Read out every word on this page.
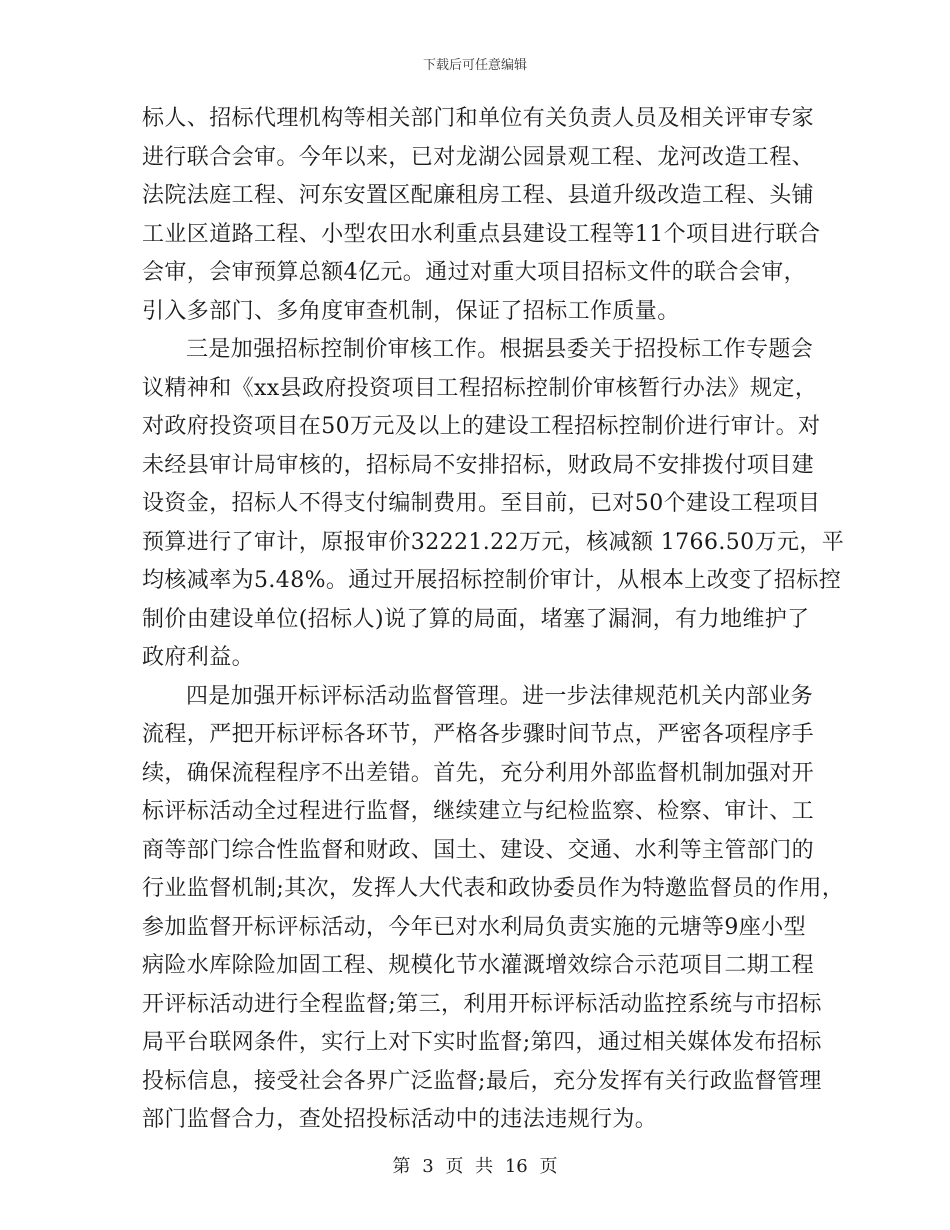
下载后可任意编辑
标人、招标代理机构等相关部门和单位有关负责人员及相关评审专家
进行联合会审。今年以来，已对龙湖公园景观工程、龙河改造工程、
法院法庭工程、河东安置区配廉租房工程、县道升级改造工程、头铺
工业区道路工程、小型农田水利重点县建设工程等11个项目进行联合
会审，会审预算总额4亿元。通过对重大项目招标文件的联合会审，
引入多部门、多角度审查机制，保证了招标工作质量。
三是加强招标控制价审核工作。根据县委关于招投标工作专题会
议精神和《xx县政府投资项目工程招标控制价审核暂行办法》规定，
对政府投资项目在50万元及以上的建设工程招标控制价进行审计。对
未经县审计局审核的，招标局不安排招标，财政局不安排拨付项目建
设资金，招标人不得支付编制费用。至目前，已对50个建设工程项目
预算进行了审计，原报审价32221.22万元，核减额 1766.50万元，平
均核减率为5.48%。通过开展招标控制价审计，从根本上改变了招标控
制价由建设单位(招标人)说了算的局面，堵塞了漏洞，有力地维护了
政府利益。
四是加强开标评标活动监督管理。进一步法律规范机关内部业务
流程，严把开标评标各环节，严格各步骤时间节点，严密各项程序手
续，确保流程程序不出差错。首先，充分利用外部监督机制加强对开
标评标活动全过程进行监督，继续建立与纪检监察、检察、审计、工
商等部门综合性监督和财政、国土、建设、交通、水利等主管部门的
行业监督机制;其次，发挥人大代表和政协委员作为特邀监督员的作用，
参加监督开标评标活动，今年已对水利局负责实施的元塘等9座小型
病险水库除险加固工程、规模化节水灌溉增效综合示范项目二期工程
开评标活动进行全程监督;第三，利用开标评标活动监控系统与市招标
局平台联网条件，实行上对下实时监督;第四，通过相关媒体发布招标
投标信息，接受社会各界广泛监督;最后，充分发挥有关行政监督管理
部门监督合力，查处招投标活动中的违法违规行为。
第 3 页 共 16 页
